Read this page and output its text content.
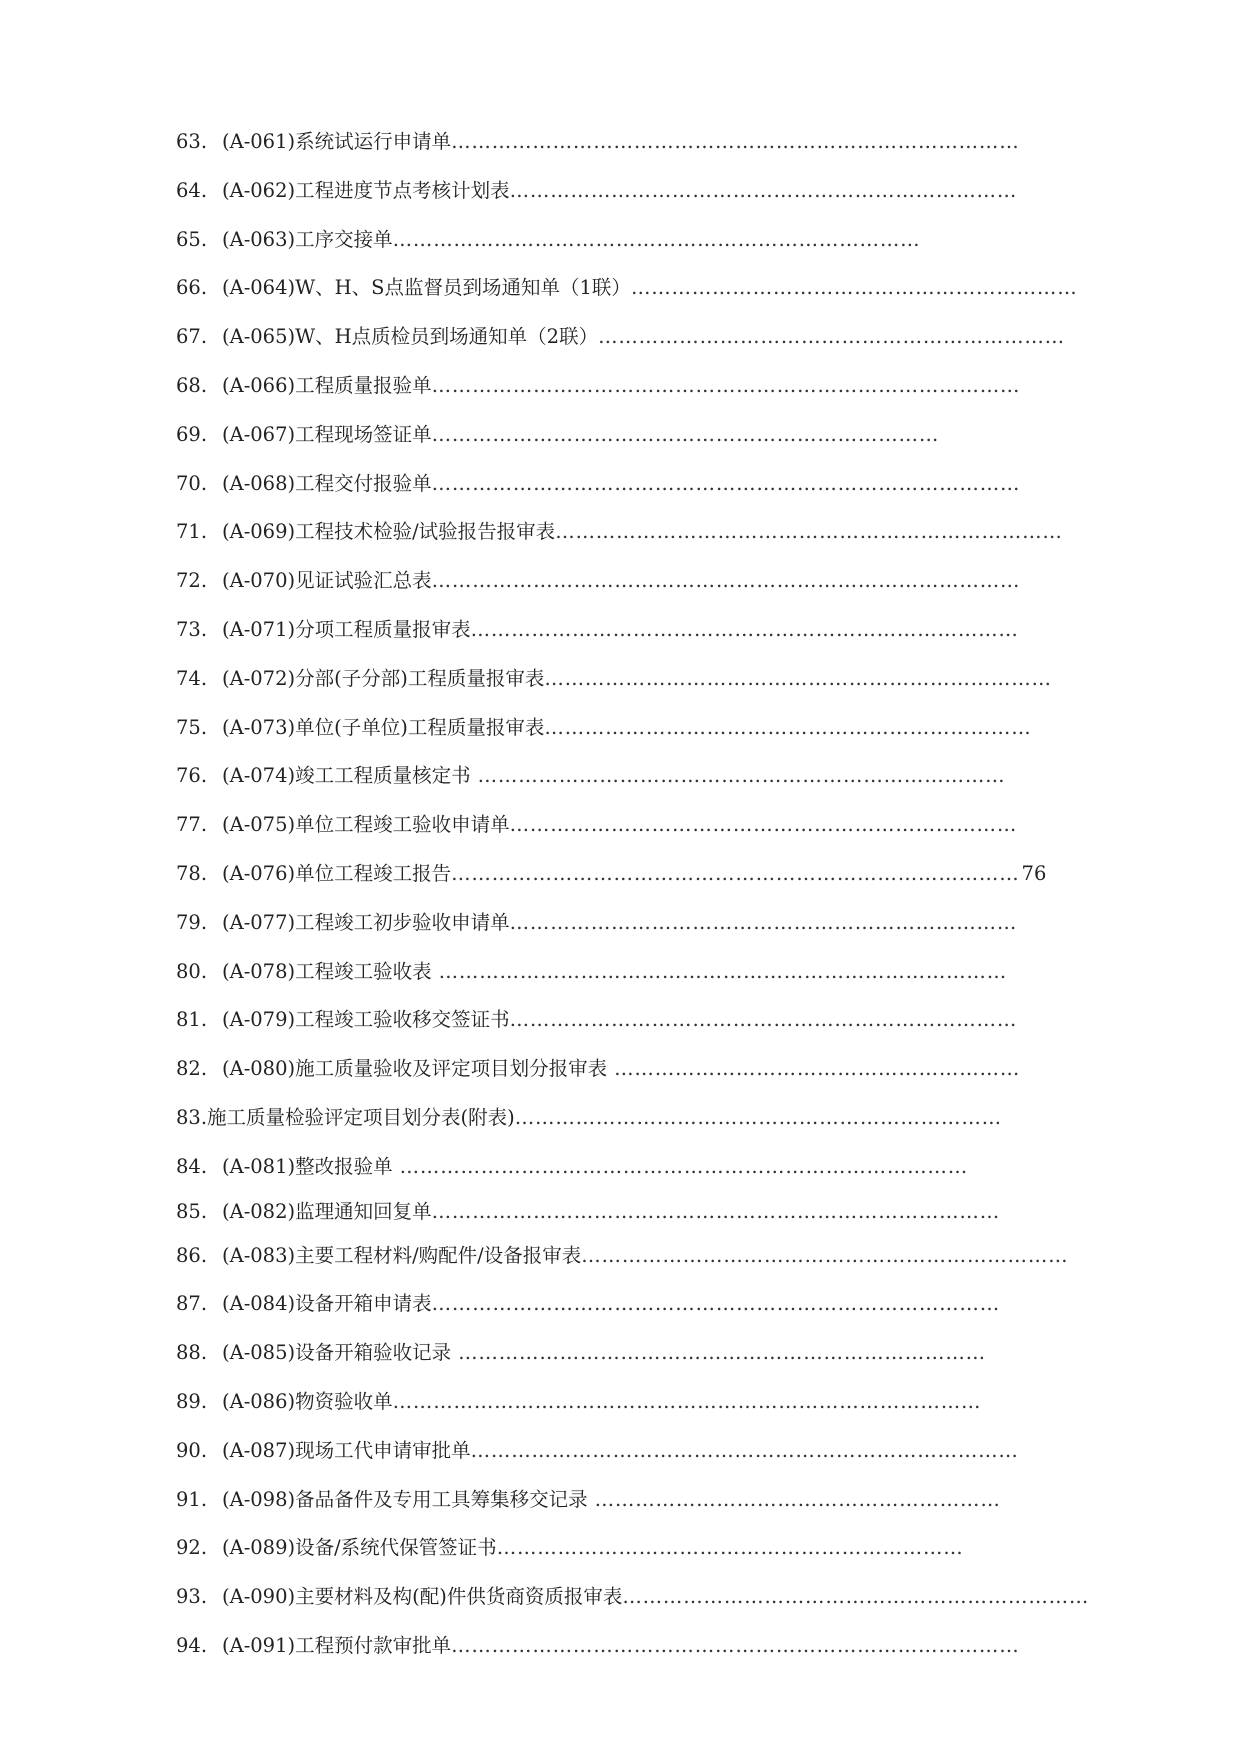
63. (A-061)系统试运行申请单…………………………………………………………………………
64. (A-062)工程进度节点考核计划表…………………………………………………………………
65. (A-063)工序交接单……………………………………………………………………
66. (A-064)W、H、S点监督员到场通知单（1联）…………………………………………………………
67. (A-065)W、H点质检员到场通知单（2联）……………………………………………………………
68. (A-066)工程质量报验单……………………………………………………………………………
69. (A-067)工程现场签证单…………………………………………………………………
70. (A-068)工程交付报验单……………………………………………………………………………
71. (A-069)工程技术检验/试验报告报审表…………………………………………………………………
72. (A-070)见证试验汇总表……………………………………………………………………………
73. (A-071)分项工程质量报审表………………………………………………………………………
74. (A-072)分部(子分部)工程质量报审表…………………………………………………………………
75. (A-073)单位(子单位)工程质量报审表………………………………………………………………
76. (A-074)竣工工程质量核定书 ……………………………………………………………………
77. (A-075)单位工程竣工验收申请单…………………………………………………………………
78. (A-076)单位工程竣工报告………………………………………………………………………… 76
79. (A-077)工程竣工初步验收申请单…………………………………………………………………
80. (A-078)工程竣工验收表 …………………………………………………………………………
81. (A-079)工程竣工验收移交签证书…………………………………………………………………
82. (A-080)施工质量验收及评定项目划分报审表 ……………………………………………………
83.施工质量检验评定项目划分表(附表)………………………………………………………………
84. (A-081)整改报验单 …………………………………………………………………………
85. (A-082)监理通知回复单…………………………………………………………………………
86. (A-083)主要工程材料/购配件/设备报审表………………………………………………………………
87. (A-084)设备开箱申请表…………………………………………………………………………
88. (A-085)设备开箱验收记录 ……………………………………………………………………
89. (A-086)物资验收单……………………………………………………………………………
90. (A-087)现场工代申请审批单………………………………………………………………………
91. (A-098)备品备件及专用工具筹集移交记录 ……………………………………………………
92. (A-089)设备/系统代保管签证书……………………………………………………………
93. (A-090)主要材料及构(配)件供货商资质报审表……………………………………………………………
94. (A-091)工程预付款审批单…………………………………………………………………………
